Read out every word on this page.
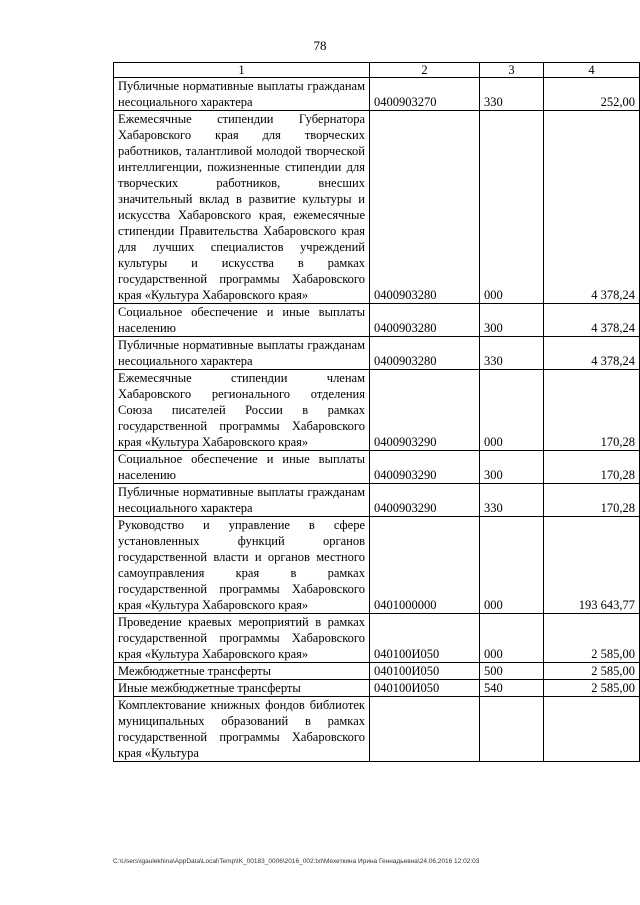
78
1	2	3	4
Публичные нормативные выплаты гражданам несоциального характера	0400903270	330	252,00
Ежемесячные стипендии Губернатора Хабаровского края для творческих работников, талантливой молодой творческой интеллигенции, пожизненные стипендии для творческих работников, внесших значительный вклад в развитие культуры и искусства Хабаровского края, ежемесячные стипендии Правительства Хабаровского края для лучших специалистов учреждений культуры и искусства в рамках государственной программы Хабаровского края «Культура Хабаровского края»	0400903280	000	4 378,24
Социальное обеспечение и иные выплаты населению	0400903280	300	4 378,24
Публичные нормативные выплаты гражданам несоциального характера	0400903280	330	4 378,24
Ежемесячные стипендии членам Хабаровского регионального отделения Союза писателей России в рамках государственной программы Хабаровского края «Культура Хабаровского края»	0400903290	000	170,28
Социальное обеспечение и иные выплаты населению	0400903290	300	170,28
Публичные нормативные выплаты гражданам несоциального характера	0400903290	330	170,28
Руководство и управление в сфере установленных функций органов государственной власти и органов местного самоуправления края в рамках государственной программы Хабаровского края «Культура Хабаровского края»	0401000000	000	193 643,77
Проведение краевых мероприятий в рамках государственной программы Хабаровского края «Культура Хабаровского края»	040100И050	000	2 585,00
Межбюджетные трансферты	040100И050	500	2 585,00
Иные межбюджетные трансферты	040100И050	540	2 585,00
Комплектование книжных фондов библиотек муниципальных образований в рамках государственной программы Хабаровского края «Культура			
C:\Users\igaulekhina\AppData\Local\Temp\IK_00183_0006\2016_002.txt\Мехеткина Ирина Геннадьевна\24.06.2016 12:02:03
